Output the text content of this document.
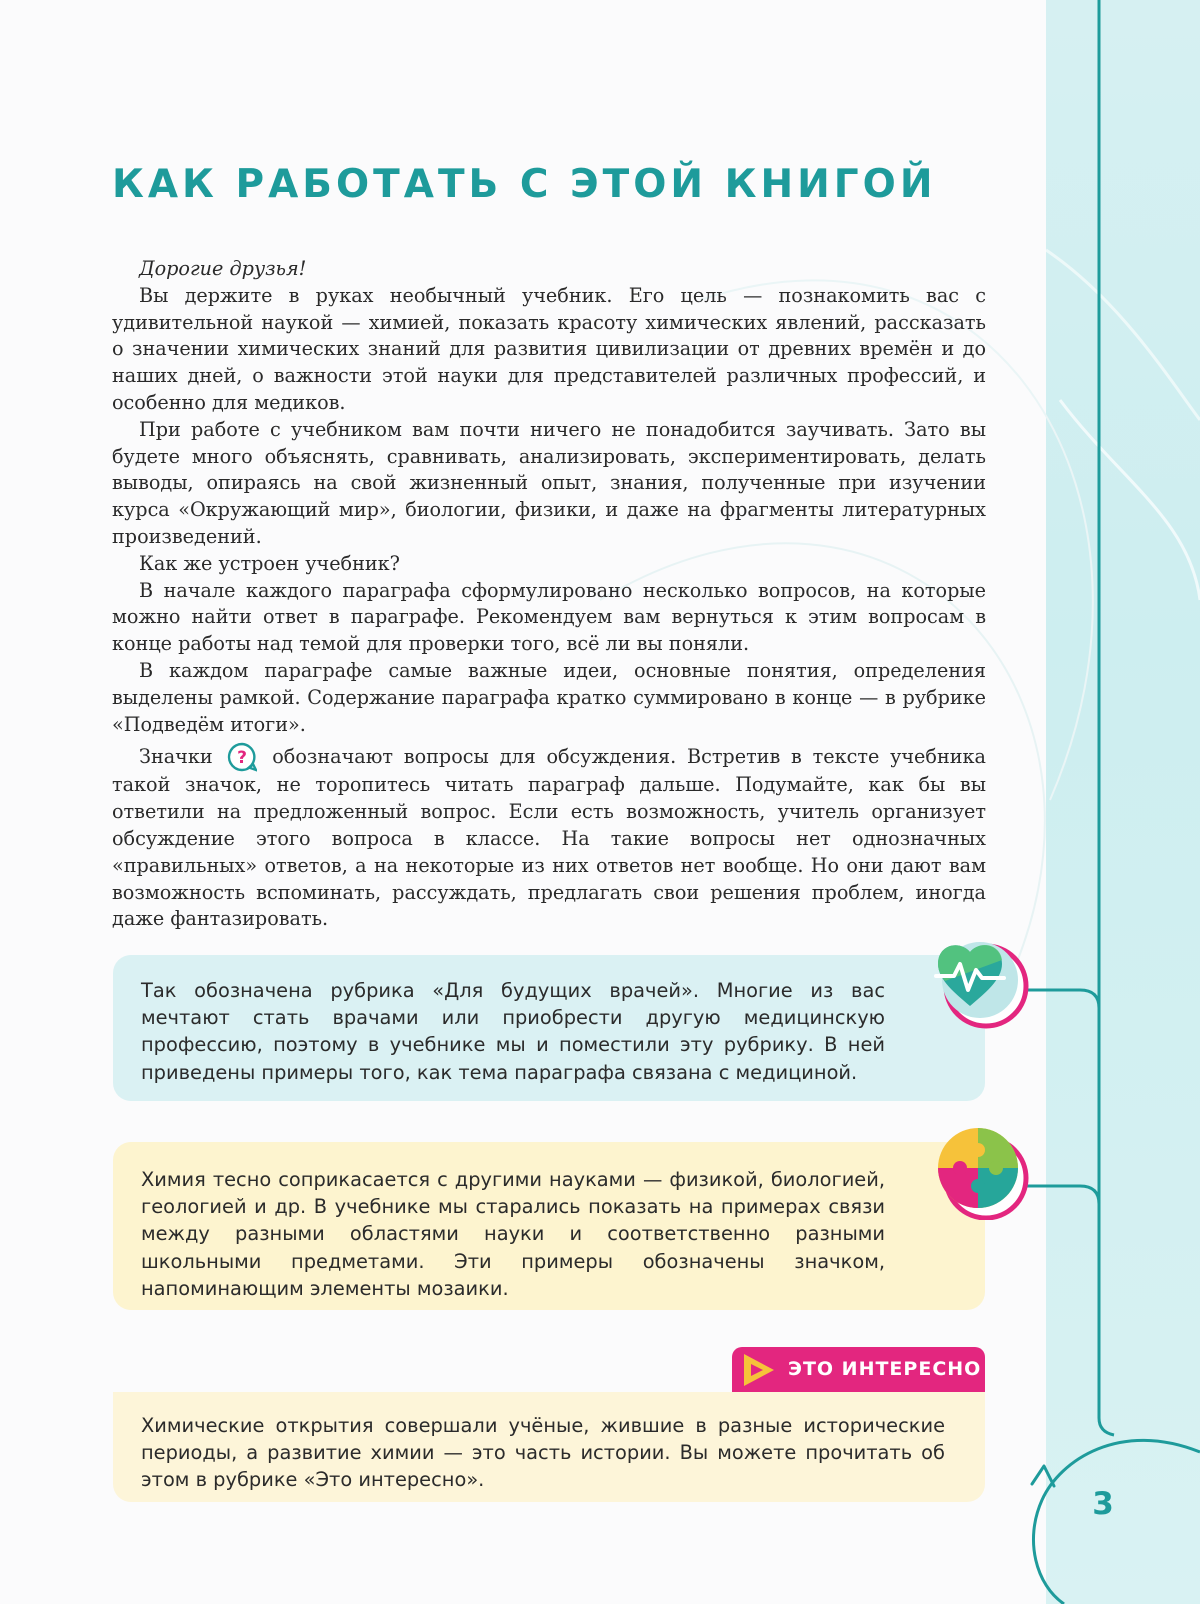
КАК РАБОТАТЬ С ЭТОЙ КНИГОЙ

Дорогие друзья!

Вы держите в руках необычный учебник. Его цель — познакомить вас с удивительной наукой — химией, показать красоту химических явлений, рассказать о значении химических знаний для развития цивилизации от древних времён и до наших дней, о важности этой науки для представителей различных профессий, и особенно для медиков.

При работе с учебником вам почти ничего не понадобится заучивать. Зато вы будете много объяснять, сравнивать, анализировать, экспериментировать, делать выводы, опираясь на свой жизненный опыт, знания, полученные при изучении курса «Окружающий мир», биологии, физики, и даже на фрагменты литературных произведений.

Как же устроен учебник?

В начале каждого параграфа сформулировано несколько вопросов, на которые можно найти ответ в параграфе. Рекомендуем вам вернуться к этим вопросам в конце работы над темой для проверки того, всё ли вы поняли.

В каждом параграфе самые важные идеи, основные понятия, определения выделены рамкой. Содержание параграфа кратко суммировано в конце — в рубрике «Подведём итоги».

Значки ? обозначают вопросы для обсуждения. Встретив в тексте учебника такой значок, не торопитесь читать параграф дальше. Подумайте, как бы вы ответили на предложенный вопрос. Если есть возможность, учитель организует обсуждение этого вопроса в классе. На такие вопросы нет однозначных «правильных» ответов, а на некоторые из них ответов нет вообще. Но они дают вам возможность вспоминать, рассуждать, предлагать свои решения проблем, иногда даже фантазировать.

Так обозначена рубрика «Для будущих врачей». Многие из вас мечтают стать врачами или приобрести другую медицинскую профессию, поэтому в учебнике мы и поместили эту рубрику. В ней приведены примеры того, как тема параграфа связана с медициной.
Химия тесно соприкасается с другими науками — физикой, биологией, геологией и др. В учебнике мы старались показать на примерах связи между разными областями науки и соответственно разными школьными предметами. Эти примеры обозначены значком, напоминающим элементы мозаики.
ЭТО ИНТЕРЕСНО
Химические открытия совершали учёные, жившие в разные исторические периоды, а развитие химии — это часть истории. Вы можете прочитать об этом в рубрике «Это интересно».
3
